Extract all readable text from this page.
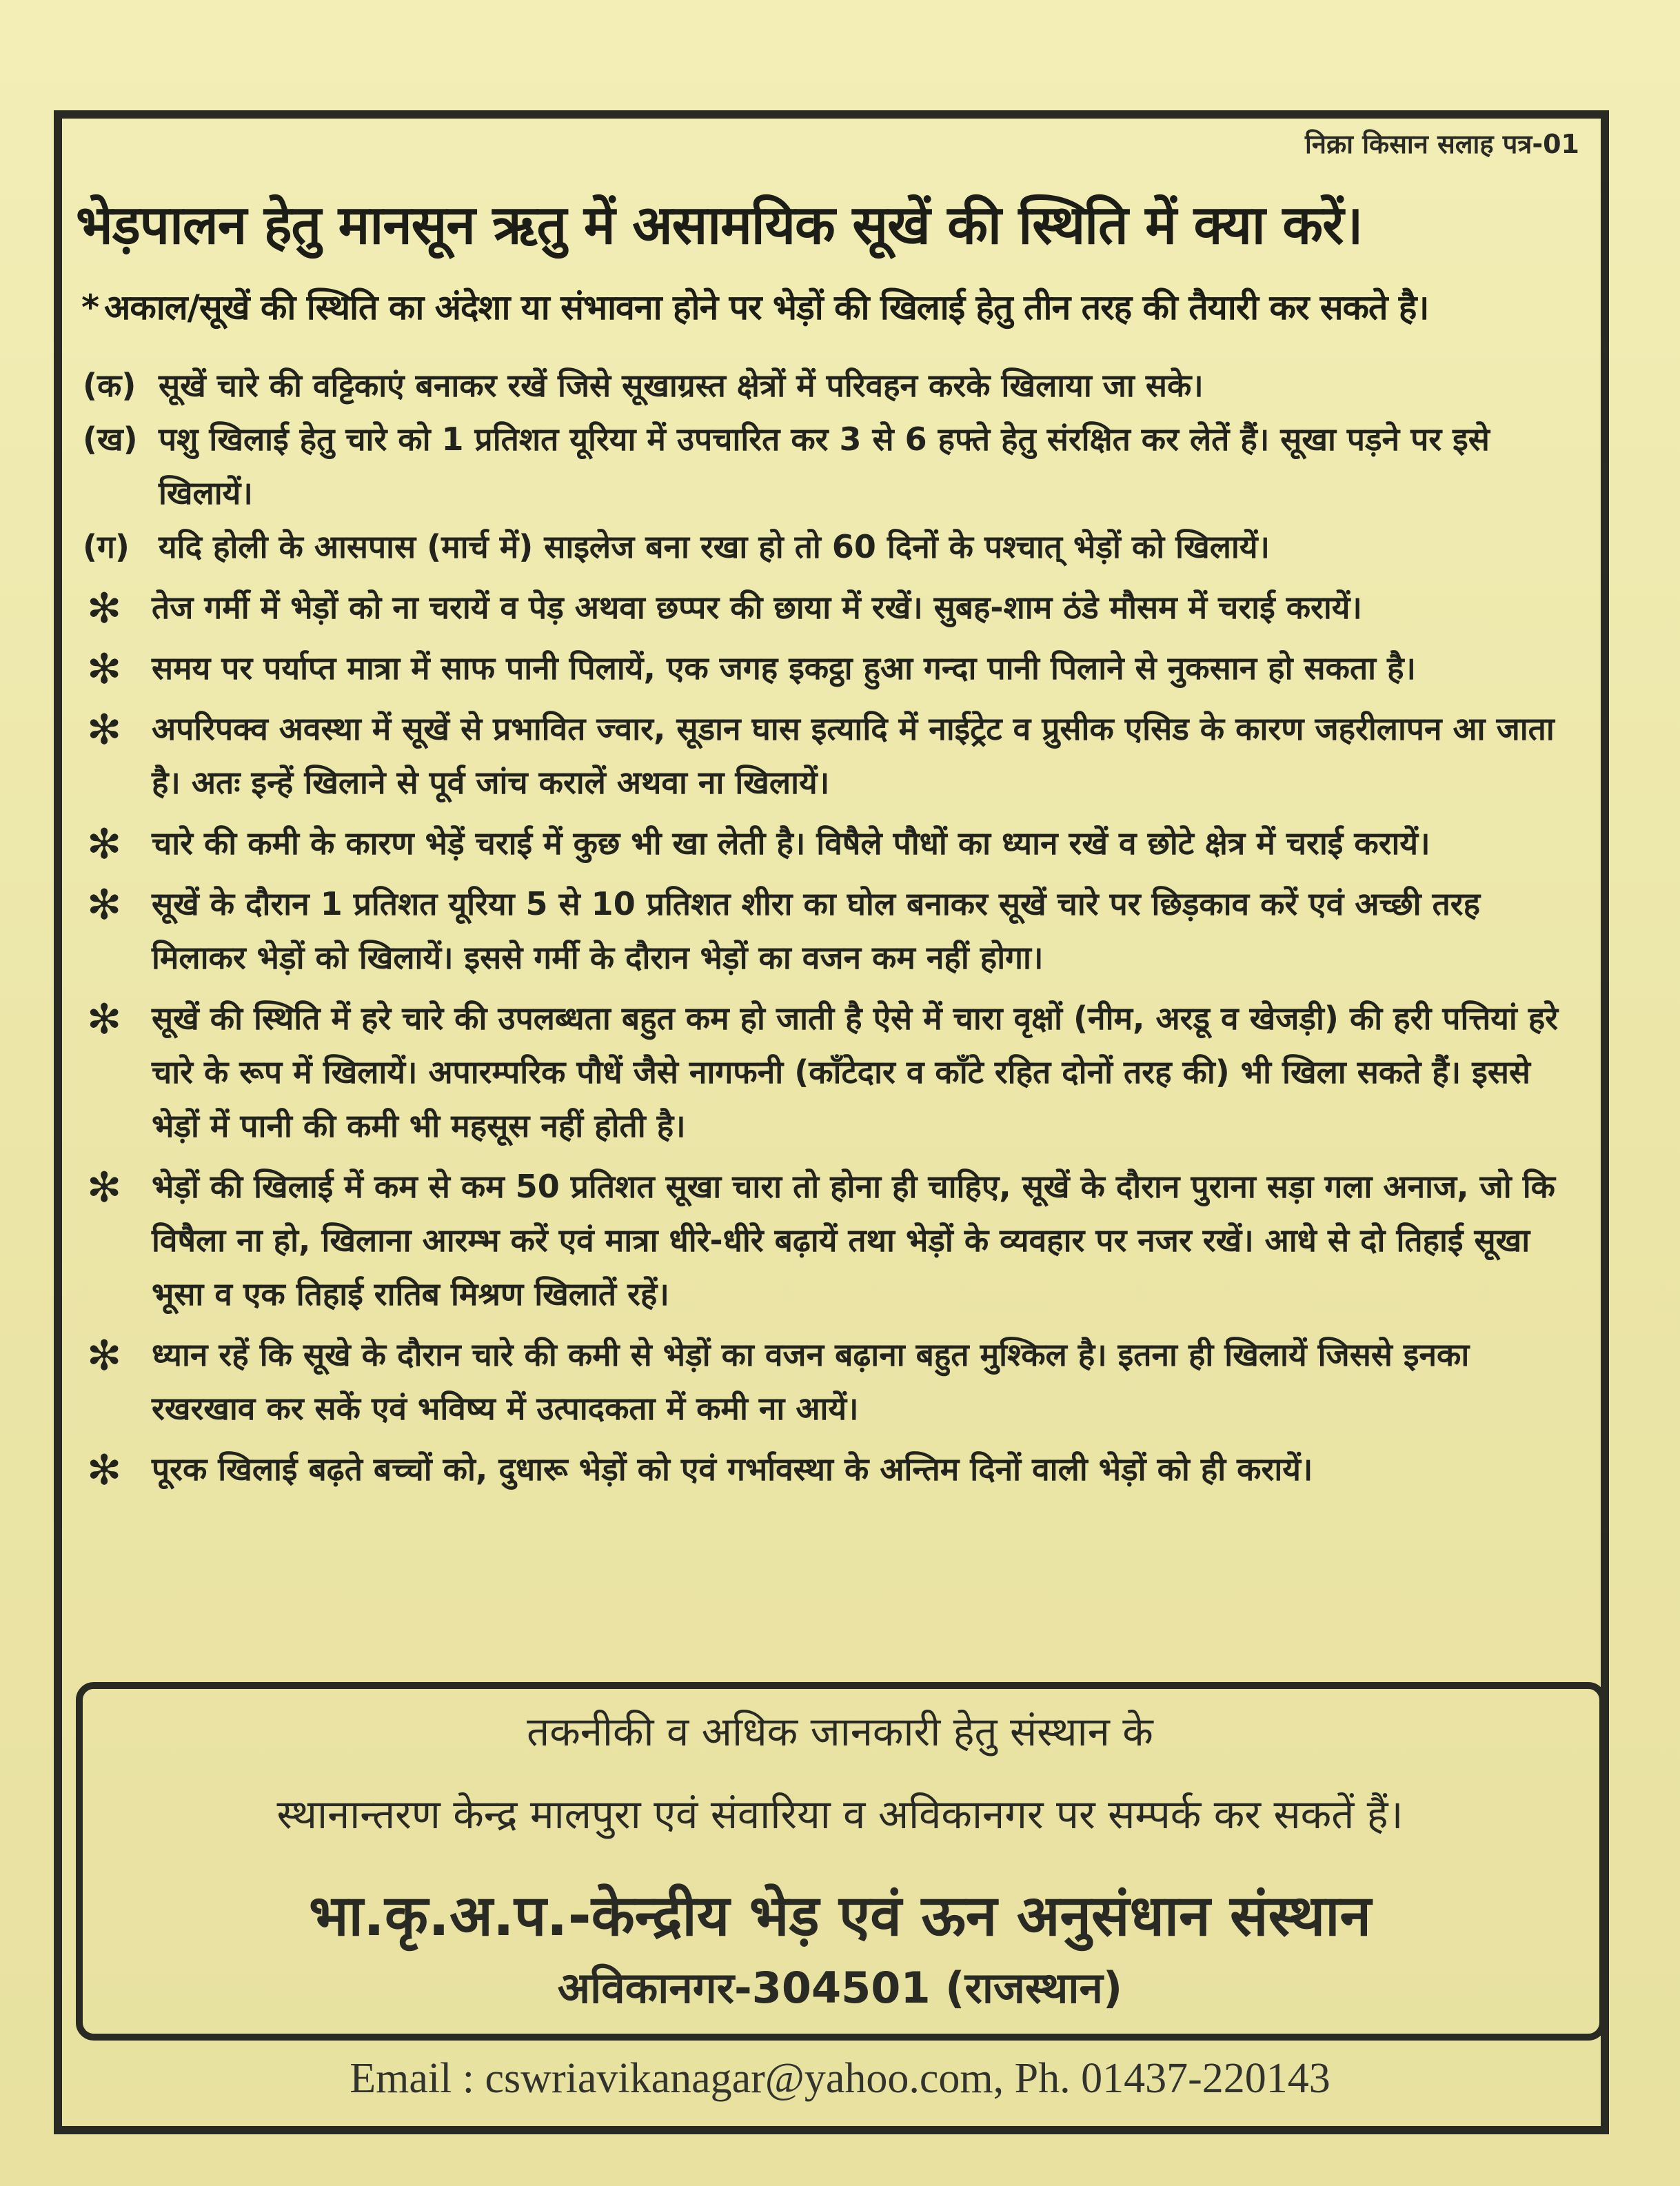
निक्रा किसान सलाह पत्र-01
भेड़पालन हेतु मानसून ऋतु में असामयिक सूखें की स्थिति में क्या करें।
* अकाल/सूखें की स्थिति का अंदेशा या संभावना होने पर भेड़ों की खिलाई हेतु तीन तरह की तैयारी कर सकते है।
(क) सूखें चारे की वट्टिकाएं बनाकर रखें जिसे सूखाग्रस्त क्षेत्रों में परिवहन करके खिलाया जा सके।
(ख) पशु खिलाई हेतु चारे को 1 प्रतिशत यूरिया में उपचारित कर 3 से 6 हफ्ते हेतु संरक्षित कर लेतें हैं। सूखा पड़ने पर इसे खिलायें।
(ग) यदि होली के आसपास (मार्च में) साइलेज बना रखा हो तो 60 दिनों के पश्चात् भेड़ों को खिलायें।
✻ तेज गर्मी में भेड़ों को ना चरायें व पेड़ अथवा छप्पर की छाया में रखें। सुबह-शाम ठंडे मौसम में चराई करायें।
✻ समय पर पर्याप्त मात्रा में साफ पानी पिलायें, एक जगह इकट्ठा हुआ गन्दा पानी पिलाने से नुकसान हो सकता है।
✻ अपरिपक्व अवस्था में सूखें से प्रभावित ज्वार, सूडान घास इत्यादि में नाईट्रेट व प्रुसीक एसिड के कारण जहरीलापन आ जाता है। अतः इन्हें खिलाने से पूर्व जांच करालें अथवा ना खिलायें।
✻ चारे की कमी के कारण भेड़ें चराई में कुछ भी खा लेती है। विषैले पौधों का ध्यान रखें व छोटे क्षेत्र में चराई करायें।
✻ सूखें के दौरान 1 प्रतिशत यूरिया 5 से 10 प्रतिशत शीरा का घोल बनाकर सूखें चारे पर छिड़काव करें एवं अच्छी तरह मिलाकर भेड़ों को खिलायें। इससे गर्मी के दौरान भेड़ों का वजन कम नहीं होगा।
✻ सूखें की स्थिति में हरे चारे की उपलब्धता बहुत कम हो जाती है ऐसे में चारा वृक्षों (नीम, अरडू व खेजड़ी) की हरी पत्तियां हरे चारे के रूप में खिलायें। अपारम्परिक पौधें जैसे नागफनी (काँटेदार व काँटे रहित दोनों तरह की) भी खिला सकते हैं। इससे भेड़ों में पानी की कमी भी महसूस नहीं होती है।
✻ भेड़ों की खिलाई में कम से कम 50 प्रतिशत सूखा चारा तो होना ही चाहिए, सूखें के दौरान पुराना सड़ा गला अनाज, जो कि विषैला ना हो, खिलाना आरम्भ करें एवं मात्रा धीरे-धीरे बढ़ायें तथा भेड़ों के व्यवहार पर नजर रखें। आधे से दो तिहाई सूखा भूसा व एक तिहाई रातिब मिश्रण खिलातें रहें।
✻ ध्यान रहें कि सूखे के दौरान चारे की कमी से भेड़ों का वजन बढ़ाना बहुत मुश्किल है। इतना ही खिलायें जिससे इनका रखरखाव कर सकें एवं भविष्य में उत्पादकता में कमी ना आयें।
✻ पूरक खिलाई बढ़ते बच्चों को, दुधारू भेड़ों को एवं गर्भावस्था के अन्तिम दिनों वाली भेड़ों को ही करायें।
तकनीकी व अधिक जानकारी हेतु संस्थान के
स्थानान्तरण केन्द्र मालपुरा एवं संवारिया व अविकानगर पर सम्पर्क कर सकतें हैं।
भा.कृ.अ.प.-केन्द्रीय भेड़ एवं ऊन अनुसंधान संस्थान
अविकानगर-304501 (राजस्थान)
Email : cswriavikanagar@yahoo.com, Ph. 01437-220143
